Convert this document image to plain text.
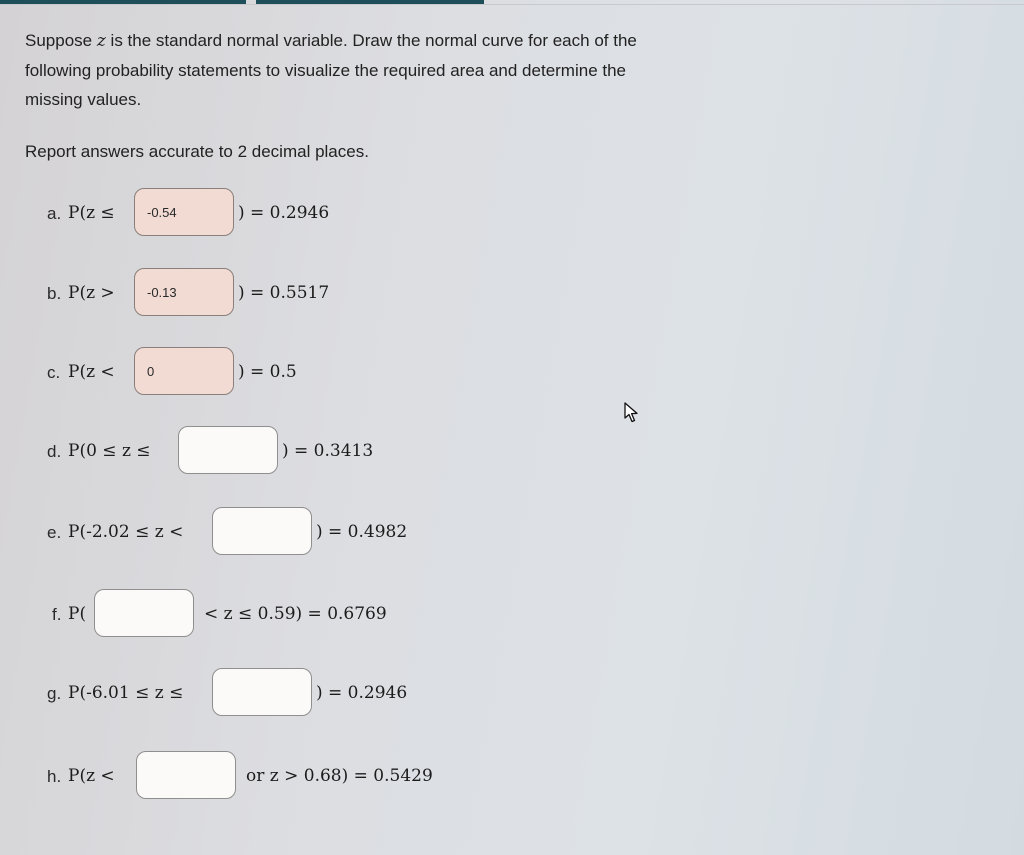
Suppose z is the standard normal variable. Draw the normal curve for each of the

following probability statements to visualize the required area and determine the

missing values.

Report answers accurate to 2 decimal places.

a. P(z ≤
-0.54	) = 0.2946
b. P(z >
-0.13	) = 0.5517
c. P(z <
0	) = 0.5
d. P(0 ≤ z ≤	) = 0.3413
e. P(-2.02 ≤ z <	) = 0.4982
f. P(	< z ≤ 0.59) = 0.6769
g. P(-6.01 ≤ z ≤	) = 0.2946
h. P(z <	or z > 0.68) = 0.5429
